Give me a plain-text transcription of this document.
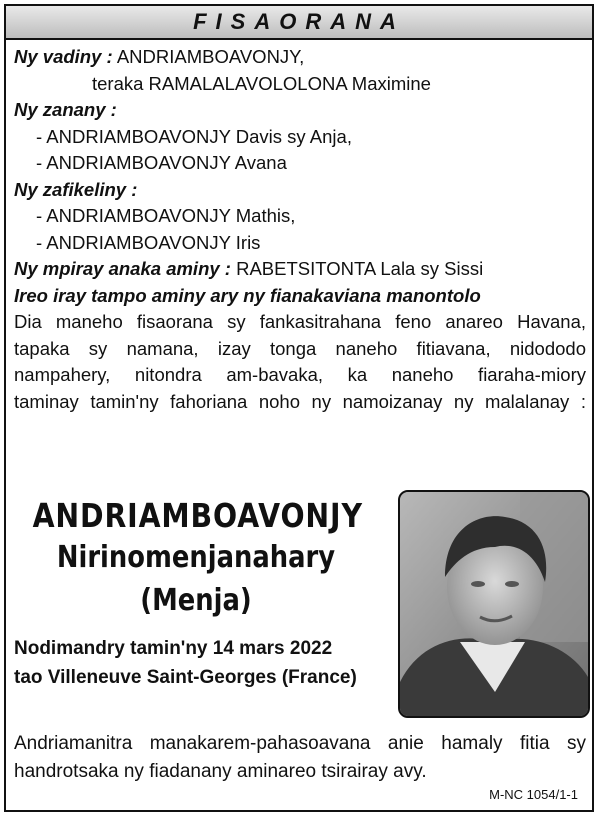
FISAORANA
Ny vadiny : ANDRIAMBOAVONJY,
teraka RAMALALAVOLOLONA Maximine
Ny zanany :
- ANDRIAMBOAVONJY Davis sy Anja,
- ANDRIAMBOAVONJY Avana
Ny zafikeliny :
- ANDRIAMBOAVONJY Mathis,
- ANDRIAMBOAVONJY Iris
Ny mpiray anaka aminy : RABETSITONTA Lala sy Sissi
Ireo iray tampo aminy ary ny fianakaviana manontolo

Dia maneho fisaorana sy fankasitrahana feno anareo Havana,

tapaka sy namana, izay tonga naneho fitiavana, nidododo

nampahery, nitondra am-bavaka, ka naneho fiaraha-miory

taminay tamin'ny fahoriana noho ny namoizanay ny malalanay :

ANDRIAMBOAVONJY
Nirinomenjanahary
(Menja)
Nodimandry tamin'ny 14 mars 2022
tao Villeneuve Saint-Georges (France)

Andriamanitra manakarem-pahasoavana anie hamaly fitia sy

handrotsaka ny fiadanany aminareo tsirairay avy.

M-NC 1054/1-1
